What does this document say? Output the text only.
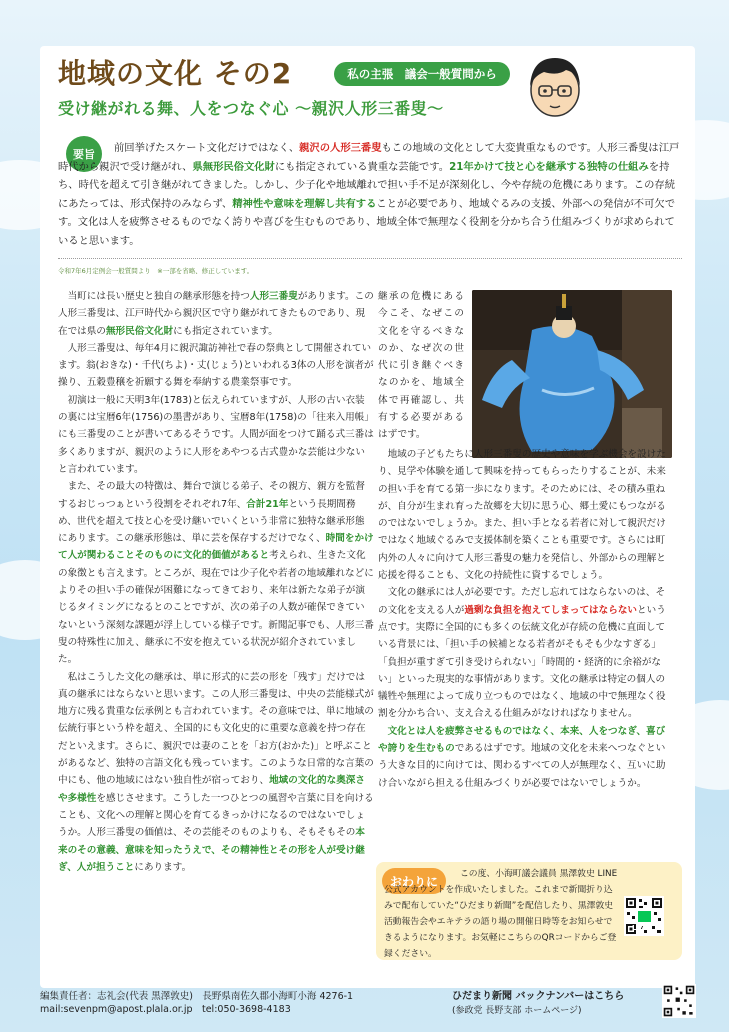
地域の文化 その2	私の主張　議会一般質問から
受け継がれる舞、人をつなぐ心 ～親沢人形三番叟～
要旨	前回挙げたスケート文化だけではなく、親沢の人形三番叟もこの地域の文化として大変貴重なものです。人形三番叟は江戸時代から親沢で受け継がれ、県無形民俗文化財にも指定されている貴重な芸能です。21年かけて技と心を継承する独特の仕組みを持ち、時代を超えて引き継がれてきました。しかし、少子化や地域離れで担い手不足が深刻化し、今や存続の危機にあります。この存続にあたっては、形式保持のみならず、精神性や意味を理解し共有することが必要であり、地域ぐるみの支援、外部への発信が不可欠です。文化は人を疲弊させるものでなく誇りや喜びを生むものであり、地域全体で無理なく役割を分かち合う仕組みづくりが求められていると思います。
令和7年6月定例会一般質問より　※一部を省略、修正しています。

当町には長い歴史と独自の継承形態を持つ人形三番叟があります。この人形三番叟は、江戸時代から親沢区で守り継がれてきたものであり、現在では県の無形民俗文化財にも指定されています。

人形三番叟は、毎年4月に親沢諏訪神社で春の祭典として開催されています。翁(おきな)・千代(ちよ)・丈(じょう)といわれる3体の人形を演者が操り、五穀豊穣を祈願する舞を奉納する農業祭事です。

初演は一般に天明3年(1783)と伝えられていますが、人形の古い衣装の裏には宝暦6年(1756)の墨書があり、宝暦8年(1758)の「往来入用帳」にも三番叟のことが書いてあるそうです。人間が面をつけて踊る式三番は多くありますが、親沢のように人形をあやつる古式豊かな芸能は少ないと言われています。

また、その最大の特徴は、舞台で演じる弟子、その親方、親方を監督するおじっつぁという役割をそれぞれ7年、合計21年という長期間務め、世代を超えて技と心を受け継いでいくという非常に独特な継承形態にあります。この継承形態は、単に芸を保存するだけでなく、時間をかけて人が関わることそのものに文化的価値があると考えられ、生きた文化の象徴とも言えます。ところが、現在では少子化や若者の地域離れなどによりその担い手の確保が困難になってきており、来年は新たな弟子が演じるタイミングになるとのことですが、次の弟子の人数が確保できていないという深刻な課題が浮上している様子です。新聞記事でも、人形三番叟の特殊性に加え、継承に不安を抱えている状況が紹介されていました。

私はこうした文化の継承は、単に形式的に芸の形を「残す」だけでは真の継承にはならないと思います。この人形三番叟は、中央の芸能様式が地方に残る貴重な伝承例とも言われています。その意味では、単に地域の伝統行事という枠を超え、全国的にも文化史的に重要な意義を持つ存在だといえます。さらに、親沢では妻のことを「お方(おかた)」と呼ぶことがあるなど、独特の言語文化も残っています。このような日常的な言葉の中にも、他の地域にはない独自性が宿っており、地域の文化的な奥深さや多様性を感じさせます。こうした一つひとつの風習や言葉に目を向けることも、文化への理解と関心を育てるきっかけになるのではないでしょうか。人形三番叟の価値は、その芸能そのものよりも、そもそもその本来のその意義、意味を知ったうえで、その精神性とその形を人が受け継ぎ、人が担うことにあります。

継承の危機にある今こそ、なぜこの文化を守るべきなのか、なぜ次の世代に引き継ぐべきなのかを、地域全体で再確認し、共有する必要があるはずです。

地域の子どもたちに人形三番叟の歴史や意味を学ぶ機会を設けたり、見学や体験を通して興味を持ってもらったりすることが、未来の担い手を育てる第一歩になります。そのためには、その積み重ねが、自分が生まれ育った故郷を大切に思う心、郷土愛にもつながるのではないでしょうか。また、担い手となる若者に対して親沢だけではなく地域ぐるみで支援体制を築くことも重要です。さらには町内外の人々に向けて人形三番叟の魅力を発信し、外部からの理解と応援を得ることも、文化の持続性に資するでしょう。

文化の継承には人が必要です。ただし忘れてはならないのは、その文化を支える人が過剰な負担を抱えてしまってはならないという点です。実際に全国的にも多くの伝統文化が存続の危機に直面している背景には、「担い手の候補となる若者がそもそも少なすぎる」「負担が重すぎて引き受けられない」「時間的・経済的に余裕がない」といった現実的な事情があります。文化の継承は特定の個人の犠牲や無理によって成り立つものではなく、地域の中で無理なく役割を分かち合い、支え合える仕組みがなければなりません。

文化とは人を疲弊させるものではなく、本来、人をつなぎ、喜びや誇りを生むものであるはずです。地域の文化を未来へつなぐという大きな目的に向けては、関わるすべての人が無理なく、互いに助け合いながら担える仕組みづくりが必要ではないでしょうか。

おわりに
この度、小海町議会議員 黒澤敦史 LINE公式アカウントを作成いたしました。これまで新聞折り込みで配布していた“ひだまり新聞”を配信したり、黒澤敦史活動報告会やエキテラの語り場の開催日時等をお知らせできるようになります。お気軽にこちらのQRコードからご登録ください。
LINE
編集責任者：志礼会(代表 黒澤敦史)　長野県南佐久郡小海町小海 4276-1
mail:sevenpm@apost.plala.or.jp　tel:050-3698-4183
ひだまり新聞 バックナンバーはこちら
(参政党 長野支部 ホームページ)
